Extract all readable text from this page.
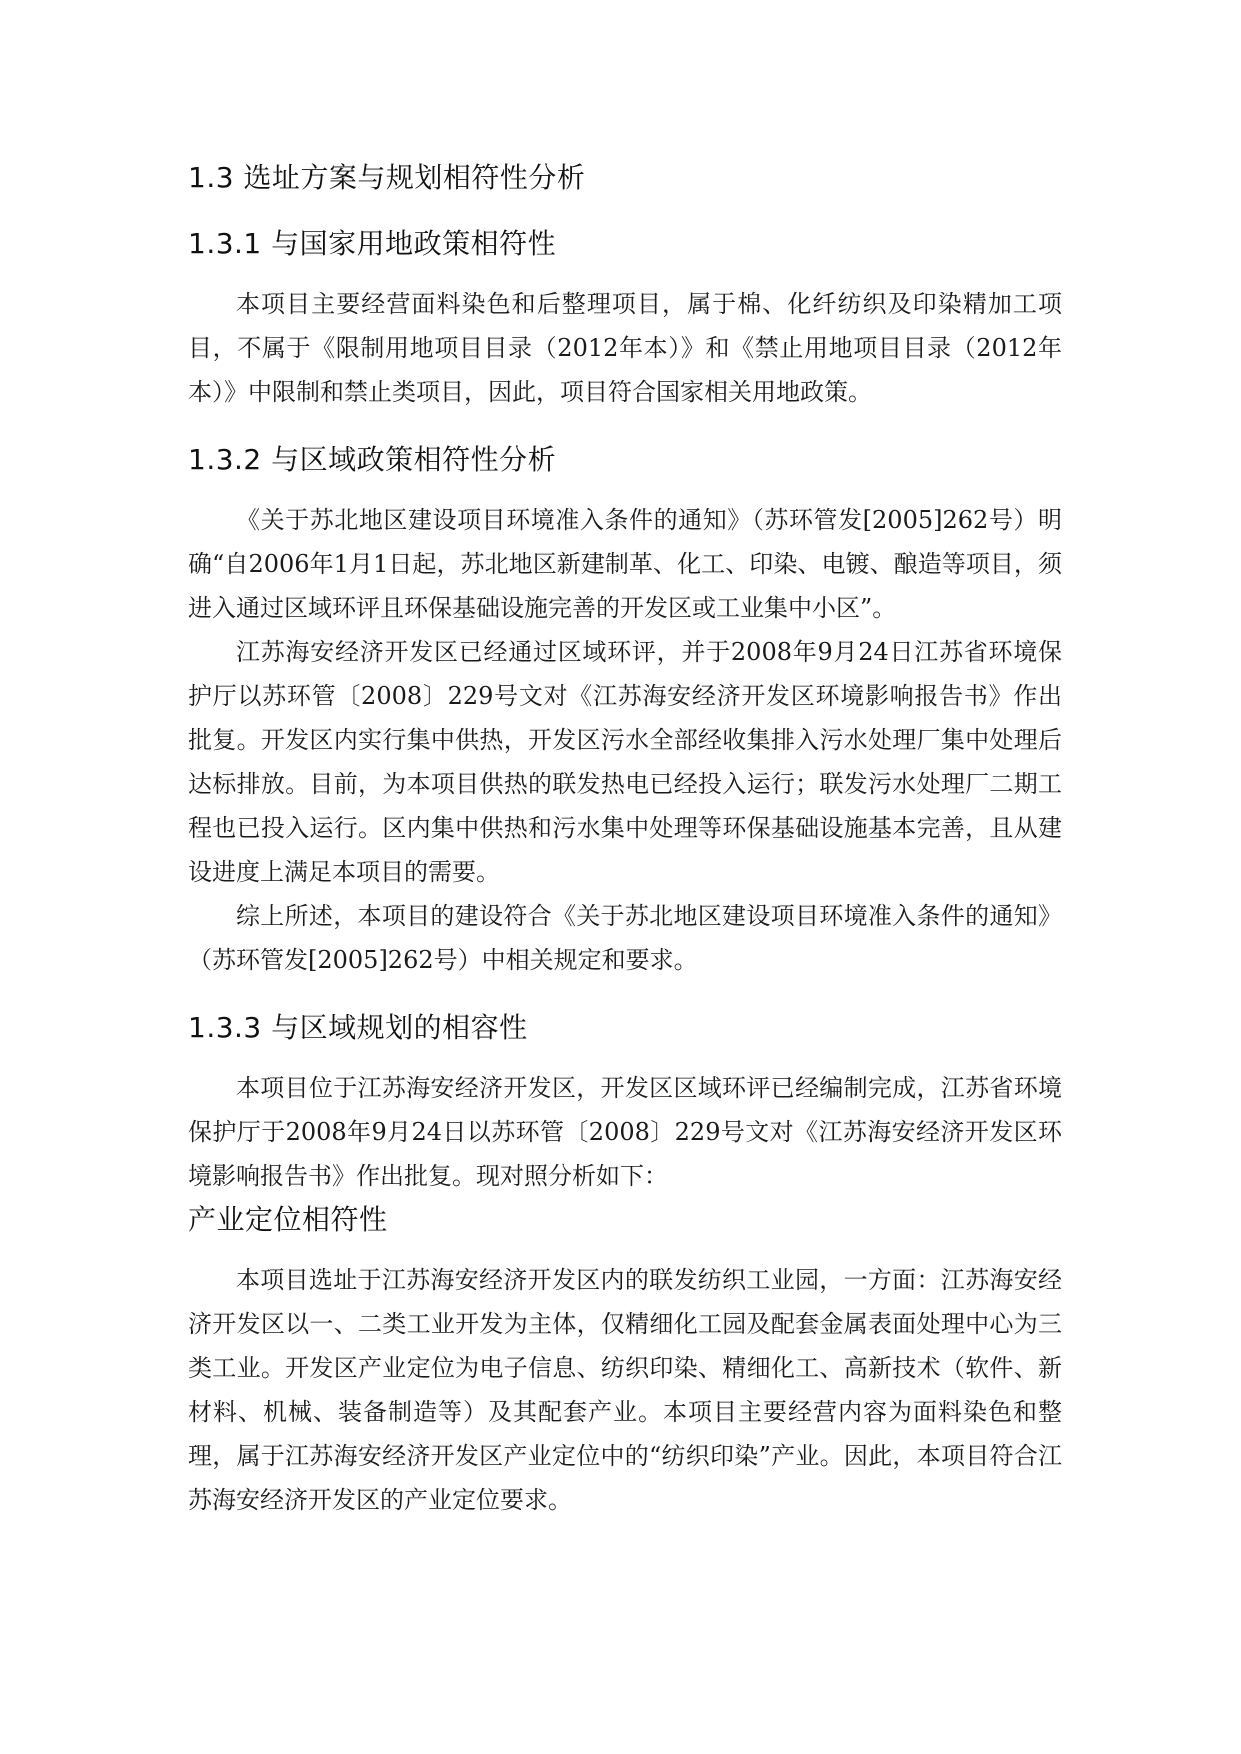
1.3 选址方案与规划相符性分析
1.3.1 与国家用地政策相符性

本项目主要经营面料染色和后整理项目，属于棉、化纤纺织及印染精加工项目，不属于《限制用地项目目录（2012年本）》和《禁止用地项目目录（2012年本）》中限制和禁止类项目，因此，项目符合国家相关用地政策。

1.3.2 与区域政策相符性分析

《关于苏北地区建设项目环境准入条件的通知》（苏环管发[2005]262号）明确“自2006年1月1日起，苏北地区新建制革、化工、印染、电镀、酿造等项目，须进入通过区域环评且环保基础设施完善的开发区或工业集中小区”。

江苏海安经济开发区已经通过区域环评，并于2008年9月24日江苏省环境保护厅以苏环管〔2008〕229号文对《江苏海安经济开发区环境影响报告书》作出批复。开发区内实行集中供热，开发区污水全部经收集排入污水处理厂集中处理后达标排放。目前，为本项目供热的联发热电已经投入运行；联发污水处理厂二期工程也已投入运行。区内集中供热和污水集中处理等环保基础设施基本完善，且从建设进度上满足本项目的需要。

综上所述，本项目的建设符合《关于苏北地区建设项目环境准入条件的通知》（苏环管发[2005]262号）中相关规定和要求。

1.3.3 与区域规划的相容性

本项目位于江苏海安经济开发区，开发区区域环评已经编制完成，江苏省环境保护厅于2008年9月24日以苏环管〔2008〕229号文对《江苏海安经济开发区环境影响报告书》作出批复。现对照分析如下：

产业定位相符性

本项目选址于江苏海安经济开发区内的联发纺织工业园，一方面：江苏海安经济开发区以一、二类工业开发为主体，仅精细化工园及配套金属表面处理中心为三类工业。开发区产业定位为电子信息、纺织印染、精细化工、高新技术（软件、新材料、机械、装备制造等）及其配套产业。本项目主要经营内容为面料染色和整理，属于江苏海安经济开发区产业定位中的“纺织印染”产业。因此，本项目符合江苏海安经济开发区的产业定位要求。
